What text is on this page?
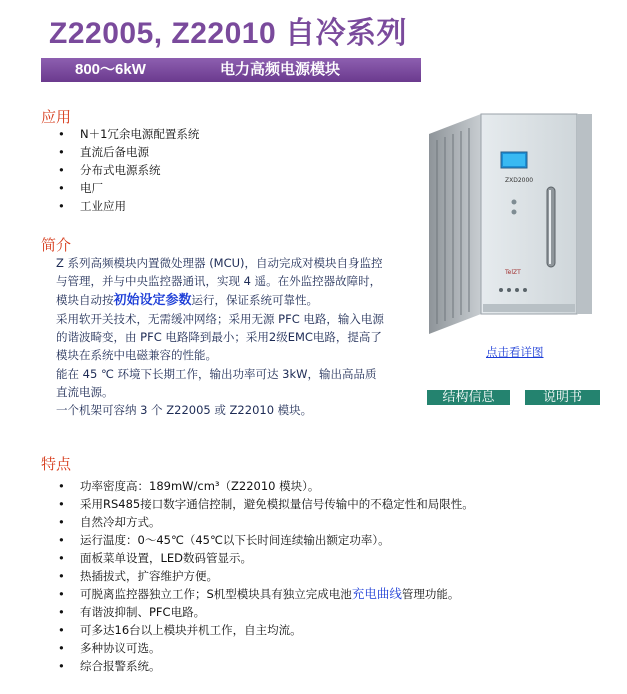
Z22005, Z22010 自冷系列
800～6kW	电力高频电源模块
应用
• N＋1冗余电源配置系统
• 直流后备电源
• 分布式电源系统
• 电厂
• 工业应用
简介

Z 系列高频模块内置微处理器 (MCU)，自动完成对模块自身监控与管理，并与中央监控器通讯，实现 4 遥。在外监控器故障时，模块自动按初始设定参数运行，保证系统可靠性。

采用软开关技术，无需缓冲网络；采用无源 PFC 电路，输入电源的谐波畸变，由 PFC 电路降到最小；采用2级EMC电路，提高了模块在系统中电磁兼容的性能。

能在 45 ℃ 环境下长期工作，输出功率可达 3kW，输出高品质直流电源。

一个机架可容纳 3 个 Z22005 或 Z22010 模块。

ZXD2000
TelZT
点击看详图
结构信息	说明书
特点
• 功率密度高：189mW/cm³（Z22010 模块）。
• 采用RS485接口数字通信控制，避免模拟量信号传输中的不稳定性和局限性。
• 自然冷却方式。
• 运行温度：0～45℃（45℃以下长时间连续输出额定功率）。
• 面板菜单设置，LED数码管显示。
• 热插拔式，扩容维护方便。
• 可脱离监控器独立工作；S机型模块具有独立完成电池充电曲线管理功能。
• 有谐波抑制、PFC电路。
• 可多达16台以上模块并机工作，自主均流。
• 多种协议可选。
• 综合报警系统。
